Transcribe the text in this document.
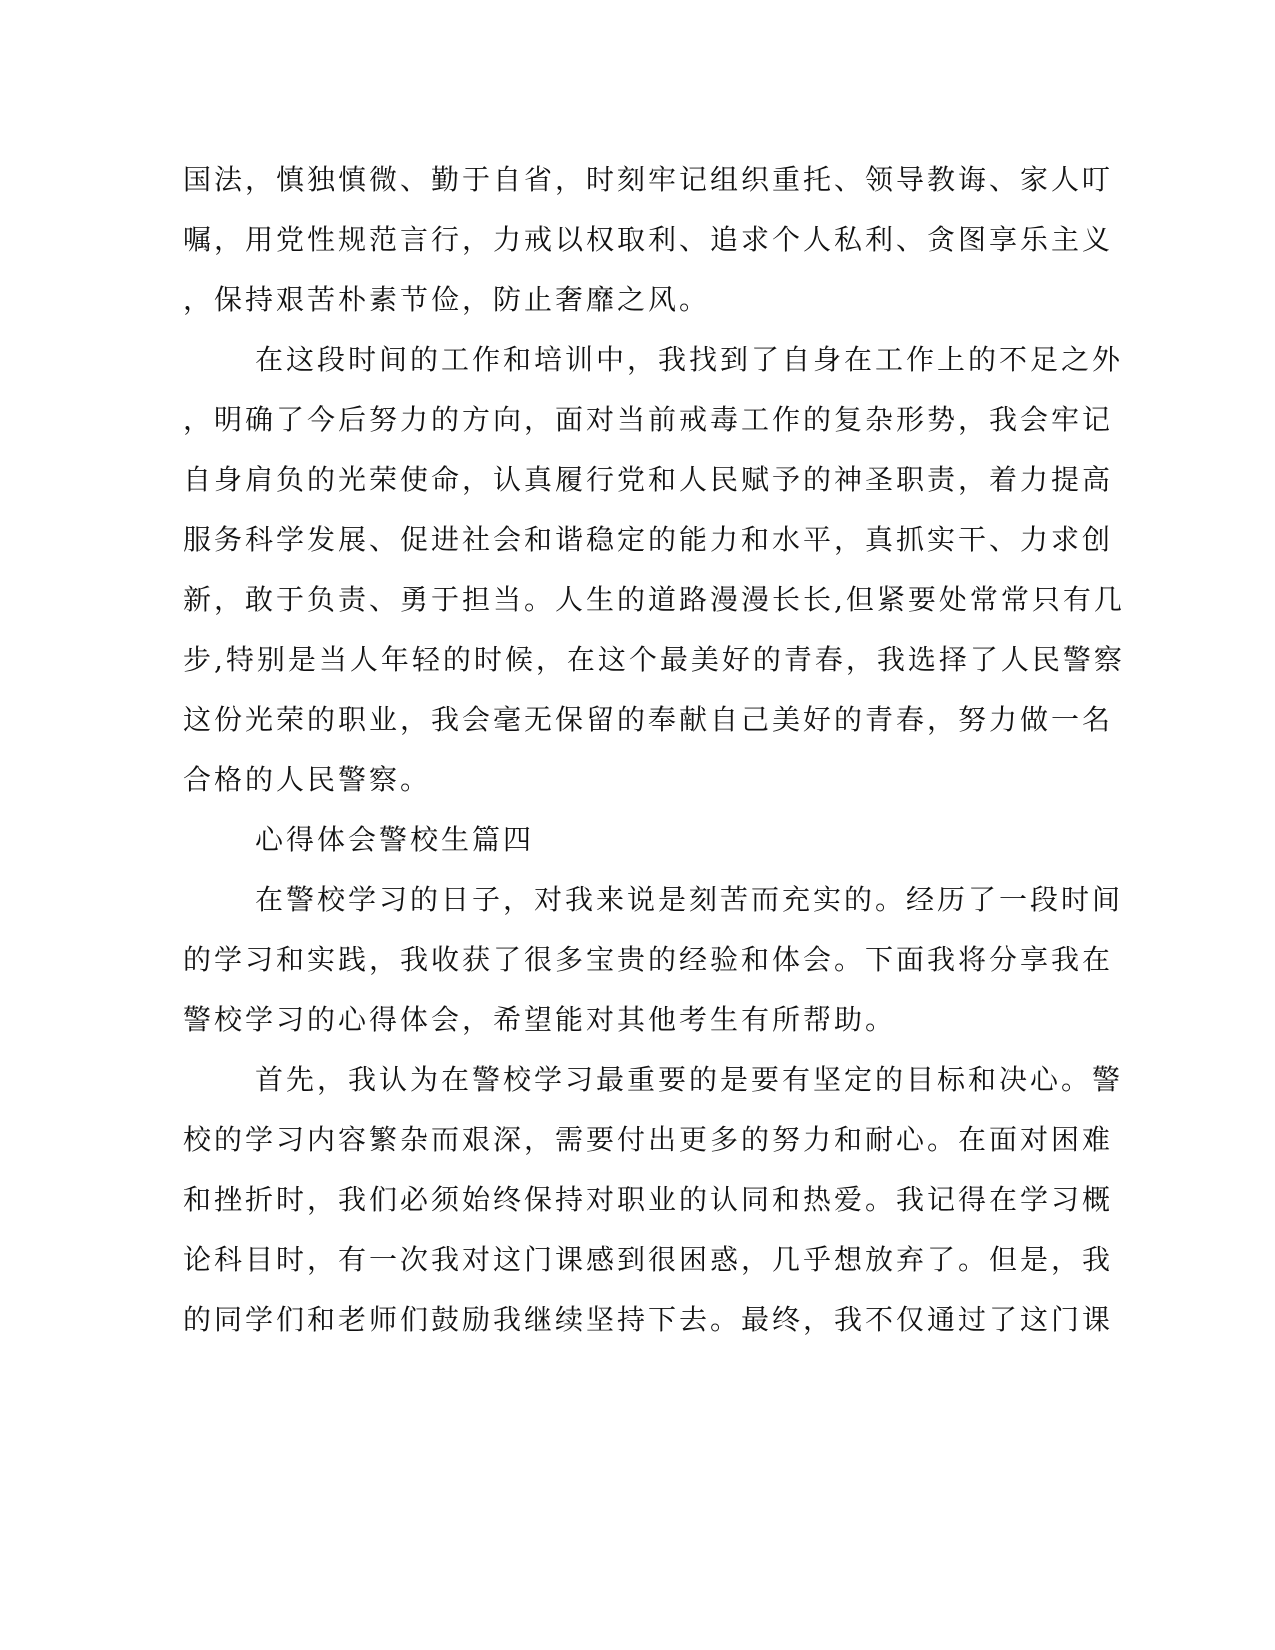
国法，慎独慎微、勤于自省，时刻牢记组织重托、领导教诲、家人叮
嘱，用党性规范言行，力戒以权取利、追求个人私利、贪图享乐主义
，保持艰苦朴素节俭，防止奢靡之风。
在这段时间的工作和培训中，我找到了自身在工作上的不足之外
，明确了今后努力的方向，面对当前戒毒工作的复杂形势，我会牢记
自身肩负的光荣使命，认真履行党和人民赋予的神圣职责，着力提高
服务科学发展、促进社会和谐稳定的能力和水平，真抓实干、力求创
新，敢于负责、勇于担当。人生的道路漫漫长长,但紧要处常常只有几
步,特别是当人年轻的时候，在这个最美好的青春，我选择了人民警察
这份光荣的职业，我会毫无保留的奉献自己美好的青春，努力做一名
合格的人民警察。
心得体会警校生篇四
在警校学习的日子，对我来说是刻苦而充实的。经历了一段时间
的学习和实践，我收获了很多宝贵的经验和体会。下面我将分享我在
警校学习的心得体会，希望能对其他考生有所帮助。
首先，我认为在警校学习最重要的是要有坚定的目标和决心。警
校的学习内容繁杂而艰深，需要付出更多的努力和耐心。在面对困难
和挫折时，我们必须始终保持对职业的认同和热爱。我记得在学习概
论科目时，有一次我对这门课感到很困惑，几乎想放弃了。但是，我
的同学们和老师们鼓励我继续坚持下去。最终，我不仅通过了这门课
